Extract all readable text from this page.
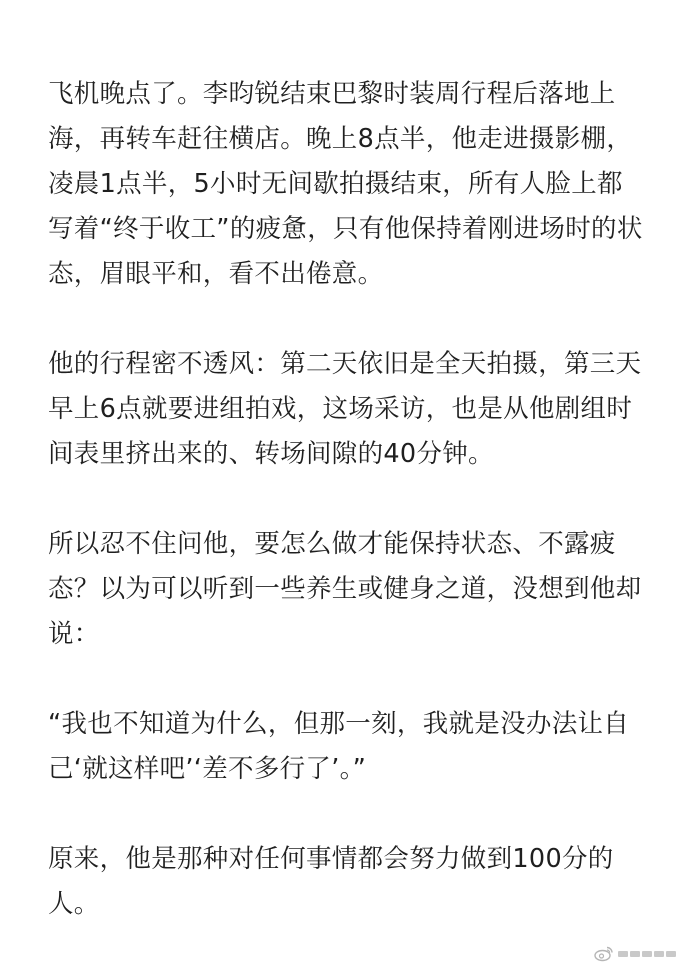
飞机晚点了。李昀锐结束巴黎时装周行程后落地上海，再转车赶往横店。晚上8点半，他走进摄影棚，凌晨1点半，5小时无间歇拍摄结束，所有人脸上都写着“终于收工”的疲惫，只有他保持着刚进场时的状态，眉眼平和，看不出倦意。

他的行程密不透风：第二天依旧是全天拍摄，第三天早上6点就要进组拍戏，这场采访，也是从他剧组时间表里挤出来的、转场间隙的40分钟。

所以忍不住问他，要怎么做才能保持状态、不露疲态？以为可以听到一些养生或健身之道，没想到他却说：

“我也不知道为什么，但那一刻，我就是没办法让自己‘就这样吧’‘差不多行了’。”

原来，他是那种对任何事情都会努力做到100分的人。
